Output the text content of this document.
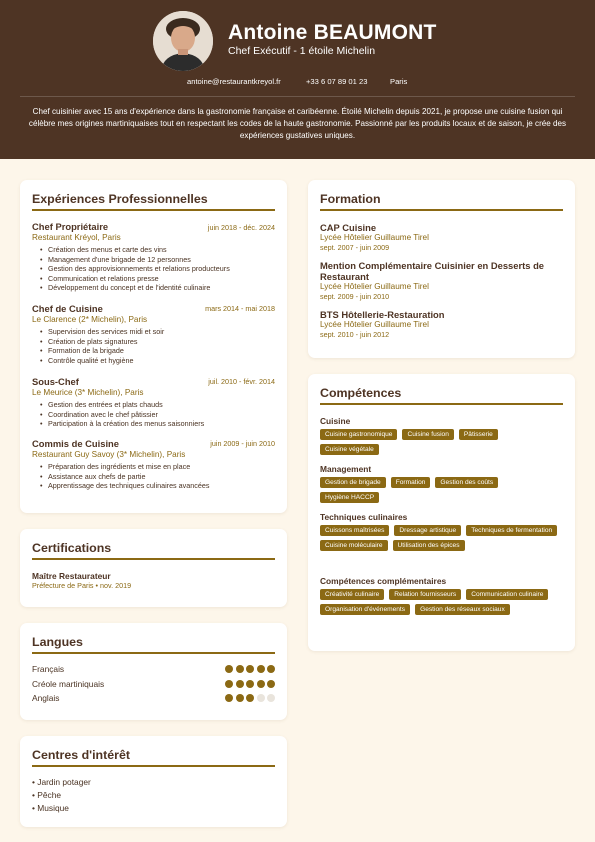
Antoine BEAUMONT
Chef Exécutif - 1 étoile Michelin
antoine@restaurantkreyol.fr	+33 6 07 89 01 23	Paris
Chef cuisinier avec 15 ans d'expérience dans la gastronomie française et caribéenne. Étoilé Michelin depuis 2021, je propose une cuisine fusion qui célèbre mes origines martiniquaises tout en respectant les codes de la haute gastronomie. Passionné par les produits locaux et de saison, je crée des expériences gustatives uniques.
Expériences Professionnelles
Chef Propriétaire	juin 2018 - déc. 2024
Restaurant Kréyol, Paris
• Création des menus et carte des vins
• Management d'une brigade de 12 personnes
• Gestion des approvisionnements et relations producteurs
• Communication et relations presse
• Développement du concept et de l'identité culinaire
Chef de Cuisine	mars 2014 - mai 2018
Le Clarence (2* Michelin), Paris
• Supervision des services midi et soir
• Création de plats signatures
• Formation de la brigade
• Contrôle qualité et hygiène
Sous-Chef	juil. 2010 - févr. 2014
Le Meurice (3* Michelin), Paris
• Gestion des entrées et plats chauds
• Coordination avec le chef pâtissier
• Participation à la création des menus saisonniers
Commis de Cuisine	juin 2009 - juin 2010
Restaurant Guy Savoy (3* Michelin), Paris
• Préparation des ingrédients et mise en place
• Assistance aux chefs de partie
• Apprentissage des techniques culinaires avancées
Certifications
Maître Restaurateur
Préfecture de Paris • nov. 2019
Langues
Français
Créole martiniquais
Anglais
Centres d'intérêt
• Jardin potager
• Pêche
• Musique
Formation
CAP Cuisine
Lycée Hôtelier Guillaume Tirel
sept. 2007 - juin 2009
Mention Complémentaire Cuisinier en Desserts de Restaurant
Lycée Hôtelier Guillaume Tirel
sept. 2009 - juin 2010
BTS Hôtellerie-Restauration
Lycée Hôtelier Guillaume Tirel
sept. 2010 - juin 2012
Compétences
Cuisine
Cuisine gastronomique	Cuisine fusion	Pâtisserie
Cuisine végétale
Management
Gestion de brigade	Formation	Gestion des coûts
Hygiène HACCP
Techniques culinaires
Cuissons maîtrisées	Dressage artistique	Techniques de fermentation
Cuisine moléculaire	Utilisation des épices
Compétences complémentaires
Créativité culinaire	Relation fournisseurs	Communication culinaire
Organisation d'événements	Gestion des réseaux sociaux
